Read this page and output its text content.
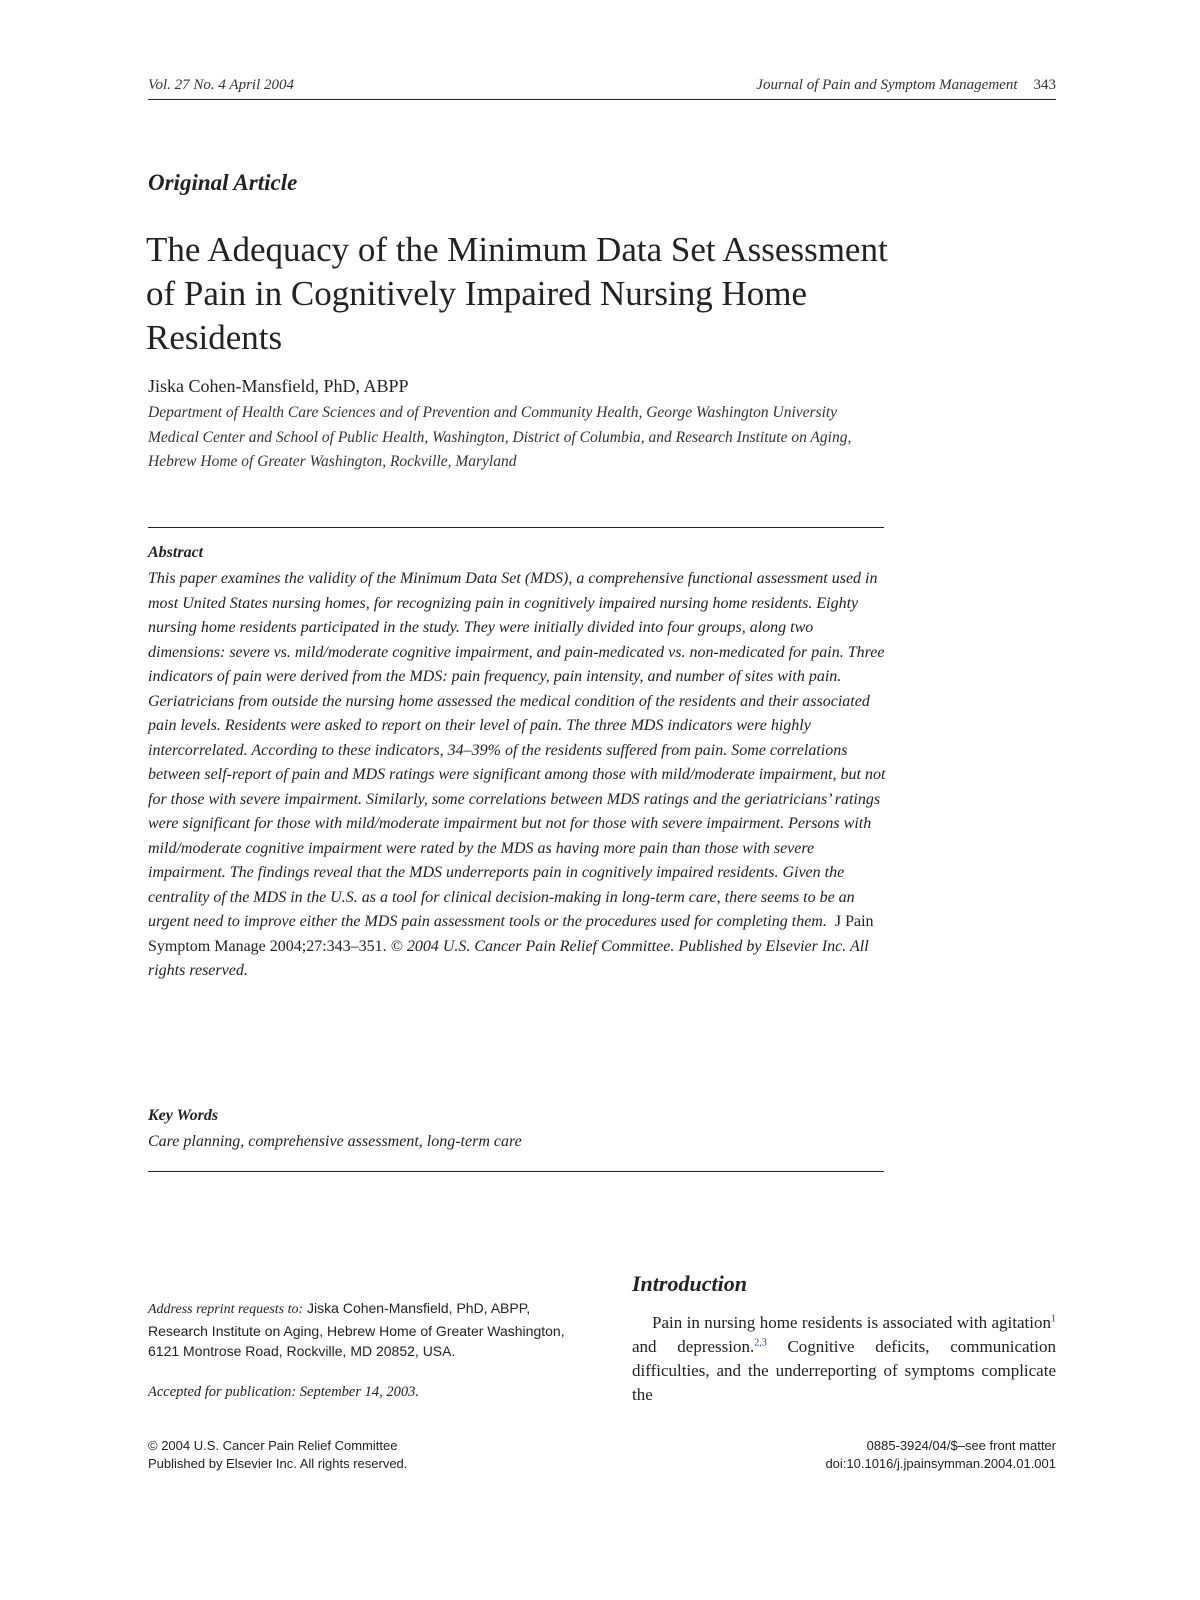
Vol. 27 No. 4 April 2004	Journal of Pain and Symptom Management 343
Original Article
The Adequacy of the Minimum Data Set Assessment of Pain in Cognitively Impaired Nursing Home Residents
Jiska Cohen-Mansfield, PhD, ABPP
Department of Health Care Sciences and of Prevention and Community Health, George Washington University Medical Center and School of Public Health, Washington, District of Columbia, and Research Institute on Aging, Hebrew Home of Greater Washington, Rockville, Maryland
Abstract
This paper examines the validity of the Minimum Data Set (MDS), a comprehensive functional assessment used in most United States nursing homes, for recognizing pain in cognitively impaired nursing home residents. Eighty nursing home residents participated in the study. They were initially divided into four groups, along two dimensions: severe vs. mild/moderate cognitive impairment, and pain-medicated vs. non-medicated for pain. Three indicators of pain were derived from the MDS: pain frequency, pain intensity, and number of sites with pain. Geriatricians from outside the nursing home assessed the medical condition of the residents and their associated pain levels. Residents were asked to report on their level of pain. The three MDS indicators were highly intercorrelated. According to these indicators, 34–39% of the residents suffered from pain. Some correlations between self-report of pain and MDS ratings were significant among those with mild/moderate impairment, but not for those with severe impairment. Similarly, some correlations between MDS ratings and the geriatricians’ ratings were significant for those with mild/moderate impairment but not for those with severe impairment. Persons with mild/moderate cognitive impairment were rated by the MDS as having more pain than those with severe impairment. The findings reveal that the MDS underreports pain in cognitively impaired residents. Given the centrality of the MDS in the U.S. as a tool for clinical decision-making in long-term care, there seems to be an urgent need to improve either the MDS pain assessment tools or the procedures used for completing them. J Pain Symptom Manage 2004;27:343–351. © 2004 U.S. Cancer Pain Relief Committee. Published by Elsevier Inc. All rights reserved.
Key Words
Care planning, comprehensive assessment, long-term care
Address reprint requests to: Jiska Cohen-Mansfield, PhD, ABPP, Research Institute on Aging, Hebrew Home of Greater Washington, 6121 Montrose Road, Rockville, MD 20852, USA.
Accepted for publication: September 14, 2003.
Introduction
Pain in nursing home residents is associated with agitation$^1$ and depression.$^{2,3}$ Cognitive deficits, communication difficulties, and the underreporting of symptoms complicate the
© 2004 U.S. Cancer Pain Relief Committee
Published by Elsevier Inc. All rights reserved.
0885-3924/04/$–see front matter
doi:10.1016/j.jpainsymman.2004.01.001
